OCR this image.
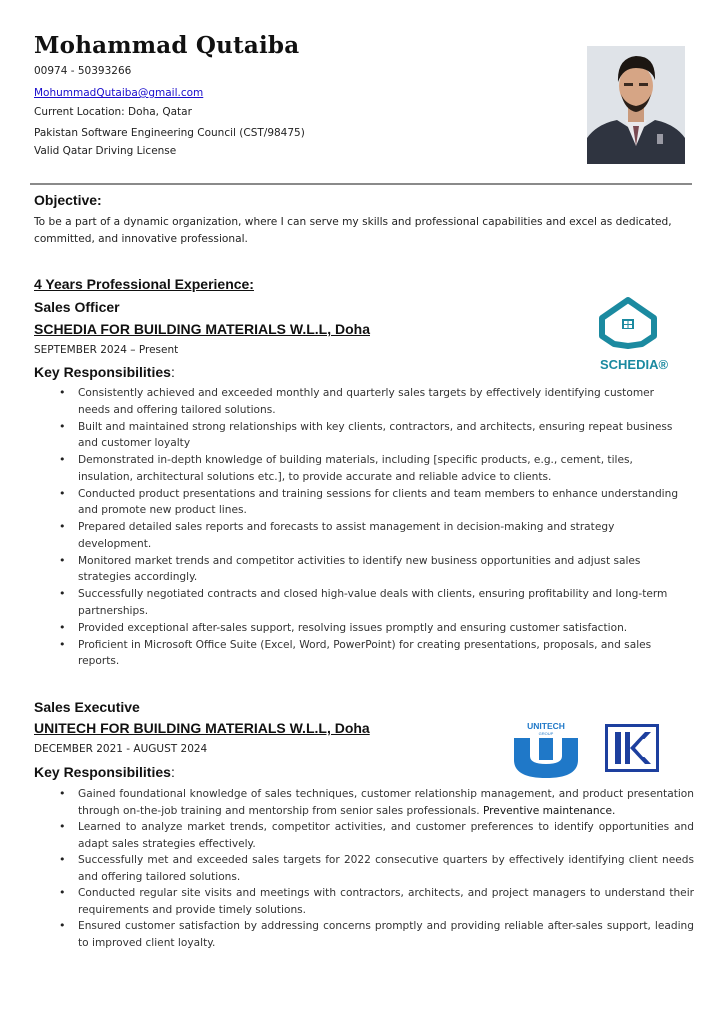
Mohammad Qutaiba
00974 - 50393266
MohummadQutaiba@gmail.com
Current Location: Doha, Qatar
Pakistan Software Engineering Council (CST/98475)
Valid Qatar Driving License
Objective:
To be a part of a dynamic organization, where I can serve my skills and professional capabilities and excel as dedicated, committed, and innovative professional.
4 Years Professional Experience:
Sales Officer
SCHEDIA FOR BUILDING MATERIALS W.L.L, Doha
SEPTEMBER 2024 – Present
Key Responsibilities:	SCHEDIA®
• Consistently achieved and exceeded monthly and quarterly sales targets by effectively identifying customer needs and offering tailored solutions.
• Built and maintained strong relationships with key clients, contractors, and architects, ensuring repeat business and customer loyalty
• Demonstrated in-depth knowledge of building materials, including [specific products, e.g., cement, tiles, insulation, architectural solutions etc.], to provide accurate and reliable advice to clients.
• Conducted product presentations and training sessions for clients and team members to enhance understanding and promote new product lines.
• Prepared detailed sales reports and forecasts to assist management in decision-making and strategy development.
• Monitored market trends and competitor activities to identify new business opportunities and adjust sales strategies accordingly.
• Successfully negotiated contracts and closed high-value deals with clients, ensuring profitability and long-term partnerships.
• Provided exceptional after-sales support, resolving issues promptly and ensuring customer satisfaction.
• Proficient in Microsoft Office Suite (Excel, Word, PowerPoint) for creating presentations, proposals, and sales reports.
Sales Executive
UNITECH FOR BUILDING MATERIALS W.L.L, Doha
DECEMBER 2021 - AUGUST 2024
Key Responsibilities:
UNITECH
GROUP
• Gained foundational knowledge of sales techniques, customer relationship management, and product presentation through on-the-job training and mentorship from senior sales professionals. Preventive maintenance.
• Learned to analyze market trends, competitor activities, and customer preferences to identify opportunities and adapt sales strategies effectively.
• Successfully met and exceeded sales targets for 2022 consecutive quarters by effectively identifying client needs and offering tailored solutions.
• Conducted regular site visits and meetings with contractors, architects, and project managers to understand their requirements and provide timely solutions.
• Ensured customer satisfaction by addressing concerns promptly and providing reliable after-sales support, leading to improved client loyalty.
